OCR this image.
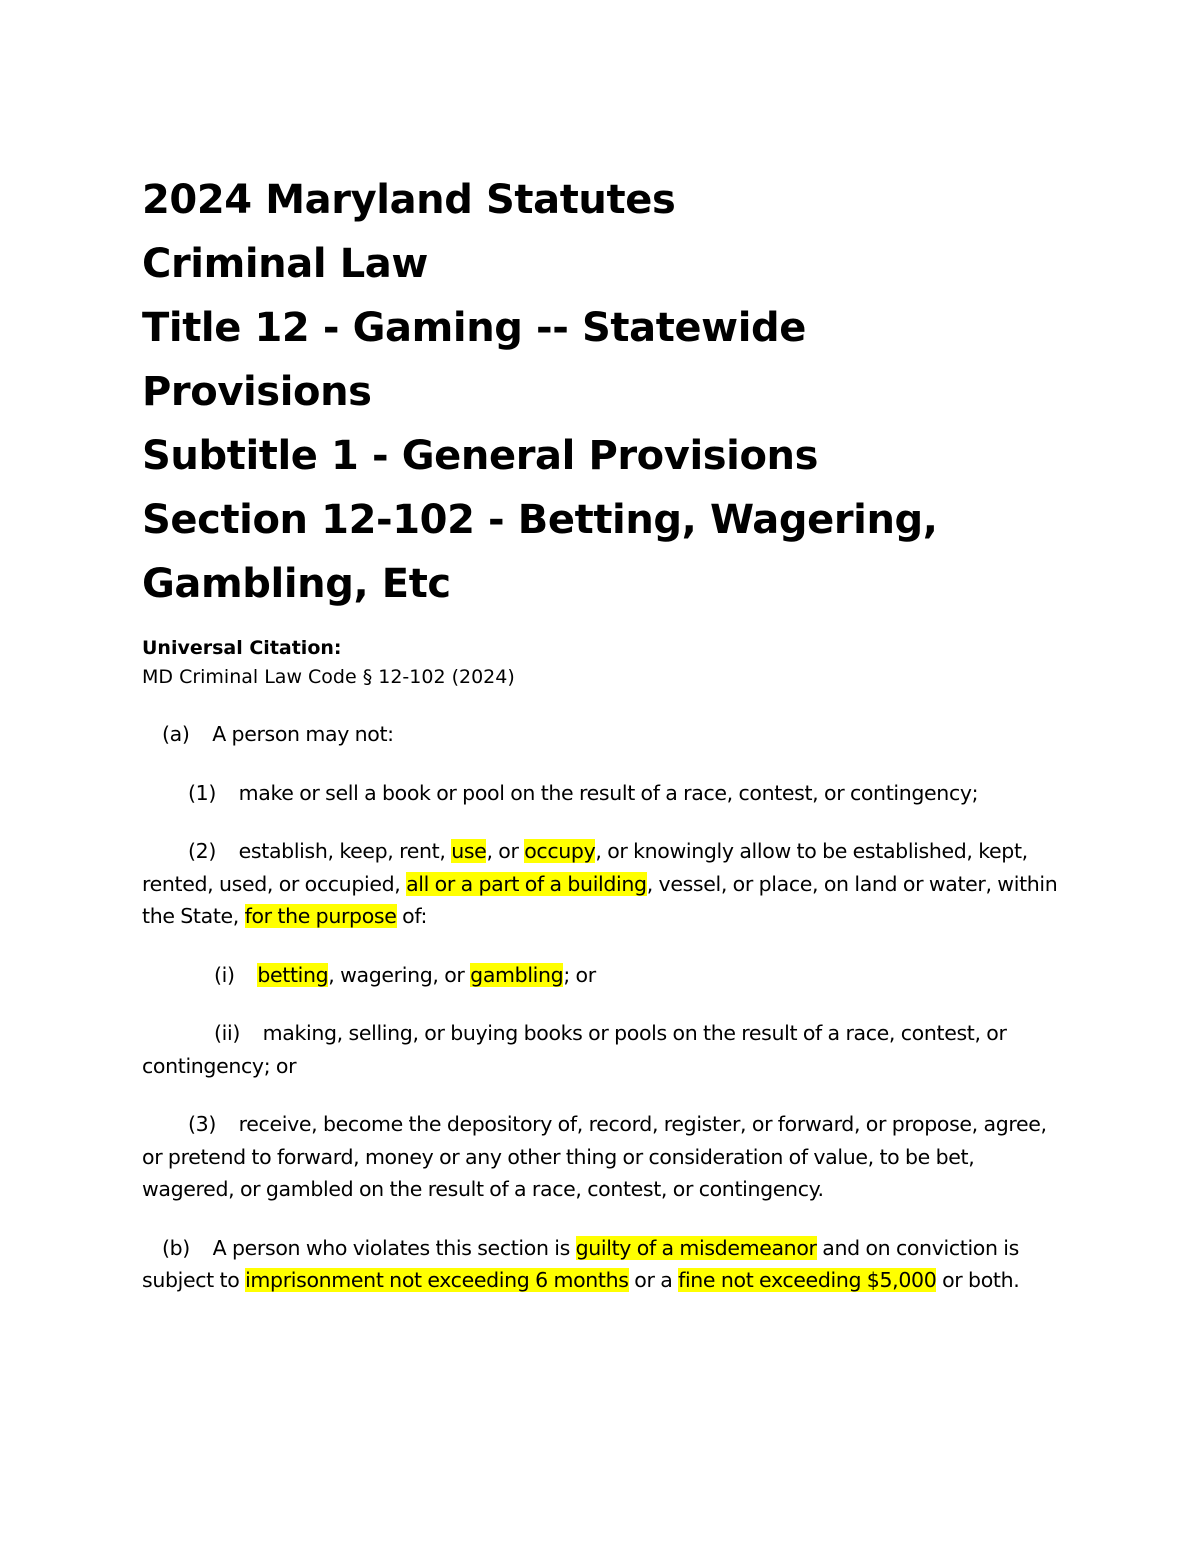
2024 Maryland Statutes
Criminal Law
Title 12 - Gaming -- Statewide
Provisions
Subtitle 1 - General Provisions
Section 12-102 - Betting, Wagering,
Gambling, Etc

Universal Citation:

MD Criminal Law Code § 12-102 (2024)

(a) A person may not:

(1) make or sell a book or pool on the result of a race, contest, or contingency;

(2) establish, keep, rent, use, or occupy, or knowingly allow to be established, kept, rented, used, or occupied, all or a part of a building, vessel, or place, on land or water, within the State, for the purpose of:

(i) betting, wagering, or gambling; or

(ii) making, selling, or buying books or pools on the result of a race, contest, or contingency; or

(3) receive, become the depository of, record, register, or forward, or propose, agree, or pretend to forward, money or any other thing or consideration of value, to be bet, wagered, or gambled on the result of a race, contest, or contingency.

(b) A person who violates this section is guilty of a misdemeanor and on conviction is subject to imprisonment not exceeding 6 months or a fine not exceeding $5,000 or both.
